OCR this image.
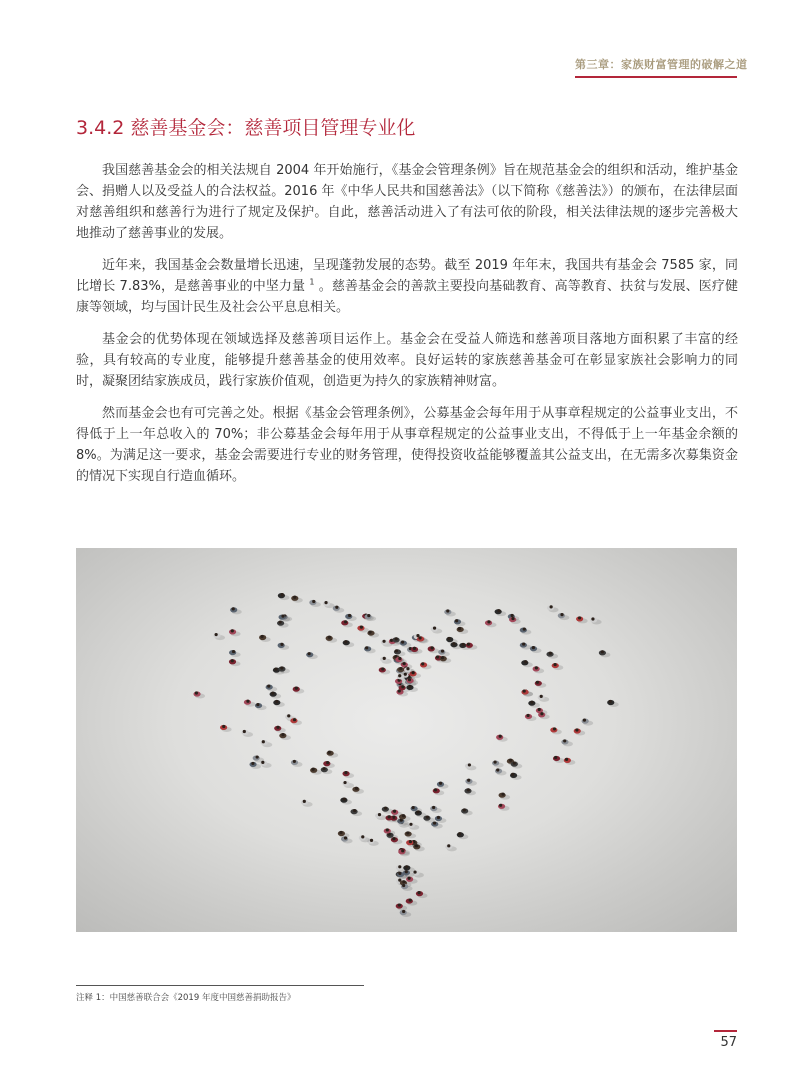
第三章：家族财富管理的破解之道
3.4.2 慈善基金会：慈善项目管理专业化

我国慈善基金会的相关法规自 2004 年开始施行，《基金会管理条例》旨在规范基金会的组织和活动，维护基金会、捐赠人以及受益人的合法权益。2016 年《中华人民共和国慈善法》（以下简称《慈善法》）的颁布，在法律层面对慈善组织和慈善行为进行了规定及保护。自此，慈善活动进入了有法可依的阶段，相关法律法规的逐步完善极大地推动了慈善事业的发展。

近年来，我国基金会数量增长迅速，呈现蓬勃发展的态势。截至 2019 年年末，我国共有基金会 7585 家，同比增长 7.83%，是慈善事业的中坚力量 $^1$ 。慈善基金会的善款主要投向基础教育、高等教育、扶贫与发展、医疗健康等领域，均与国计民生及社会公平息息相关。

基金会的优势体现在领域选择及慈善项目运作上。基金会在受益人筛选和慈善项目落地方面积累了丰富的经验，具有较高的专业度，能够提升慈善基金的使用效率。良好运转的家族慈善基金可在彰显家族社会影响力的同时，凝聚团结家族成员，践行家族价值观，创造更为持久的家族精神财富。

然而基金会也有可完善之处。根据《基金会管理条例》，公募基金会每年用于从事章程规定的公益事业支出，不得低于上一年总收入的 70%；非公募基金会每年用于从事章程规定的公益事业支出，不得低于上一年基金余额的 8%。为满足这一要求，基金会需要进行专业的财务管理，使得投资收益能够覆盖其公益支出，在无需多次募集资金的情况下实现自行造血循环。

注释 1：中国慈善联合会《2019 年度中国慈善捐助报告》
57
